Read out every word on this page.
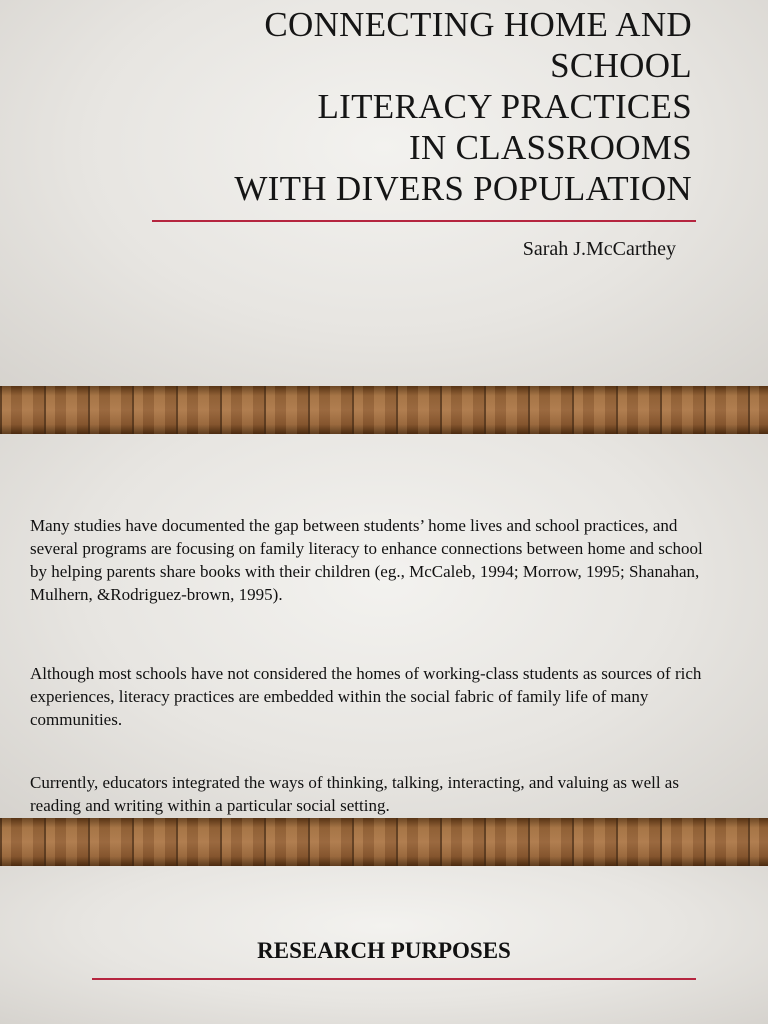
CONNECTING HOME AND
SCHOOL
LITERACY PRACTICES
IN CLASSROOMS
WITH DIVERS POPULATION
Sarah J.McCarthey

Many studies have documented the gap between students’ home lives and school practices, and several programs are focusing on family literacy to enhance connections between home and school by helping parents share books with their children (eg., McCaleb, 1994; Morrow, 1995; Shanahan, Mulhern, &Rodriguez-brown, 1995).

Although most schools have not considered the homes of working-class students as sources of rich experiences, literacy practices are embedded within the social fabric of family life of many communities.

Currently, educators integrated the ways of thinking, talking, interacting, and valuing as well as reading and writing within a particular social setting.

RESEARCH PURPOSES
